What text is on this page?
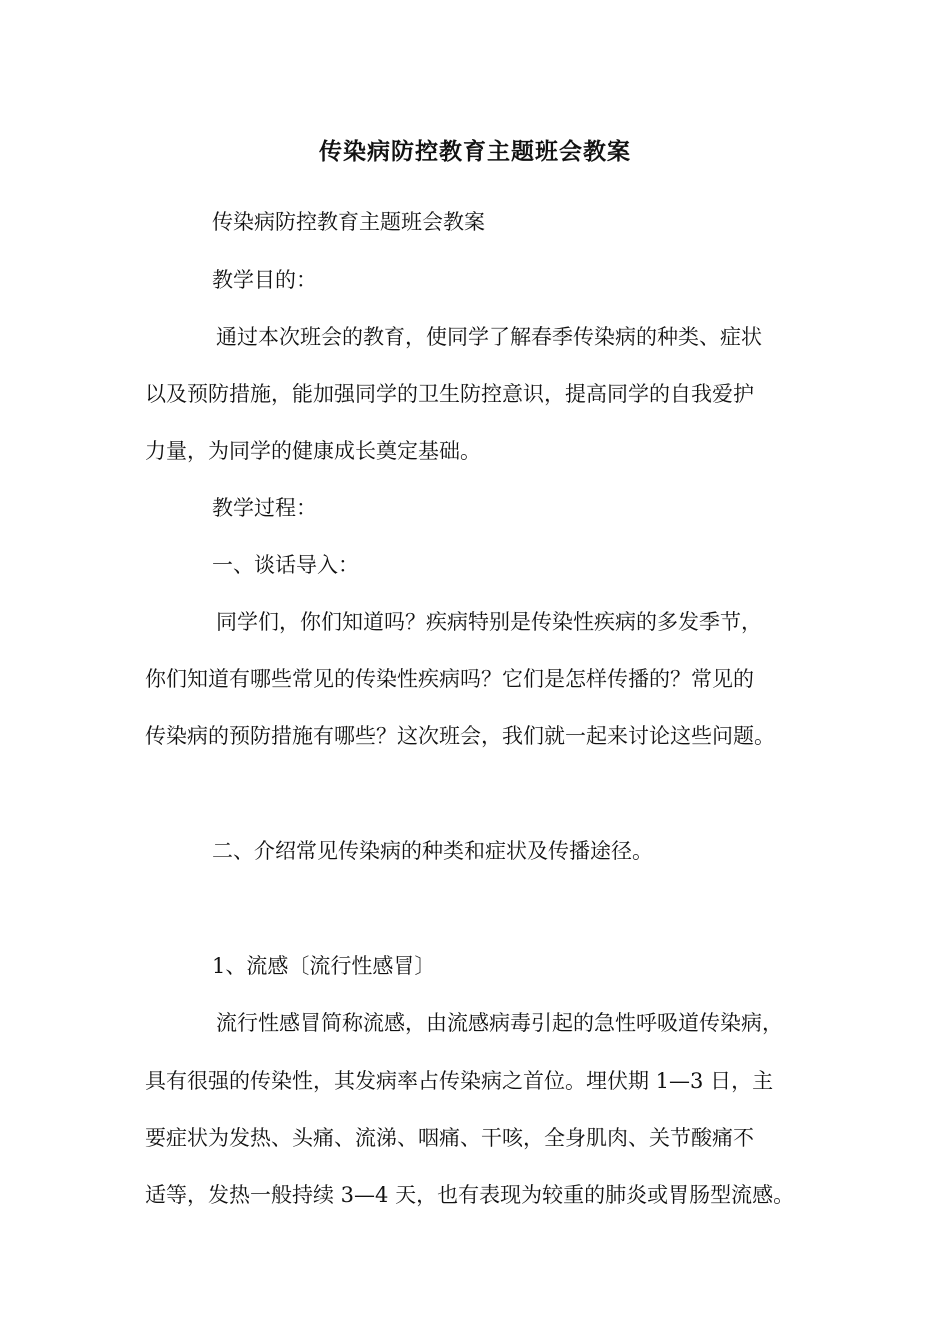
传染病防控教育主题班会教案

传染病防控教育主题班会教案

教学目的：

通过本次班会的教育，使同学了解春季传染病的种类、症状

以及预防措施，能加强同学的卫生防控意识，提高同学的自我爱护

力量，为同学的健康成长奠定基础。

教学过程：

一、谈话导入：

同学们，你们知道吗？疾病特别是传染性疾病的多发季节，

你们知道有哪些常见的传染性疾病吗？它们是怎样传播的？常见的

传染病的预防措施有哪些？这次班会，我们就一起来讨论这些问题。

二、介绍常见传染病的种类和症状及传播途径。

1、流感〔流行性感冒〕

流行性感冒简称流感，由流感病毒引起的急性呼吸道传染病，

具有很强的传染性，其发病率占传染病之首位。埋伏期 1—3 日，主

要症状为发热、头痛、流涕、咽痛、干咳，全身肌肉、关节酸痛不

适等，发热一般持续 3—4 天，也有表现为较重的肺炎或胃肠型流感。
